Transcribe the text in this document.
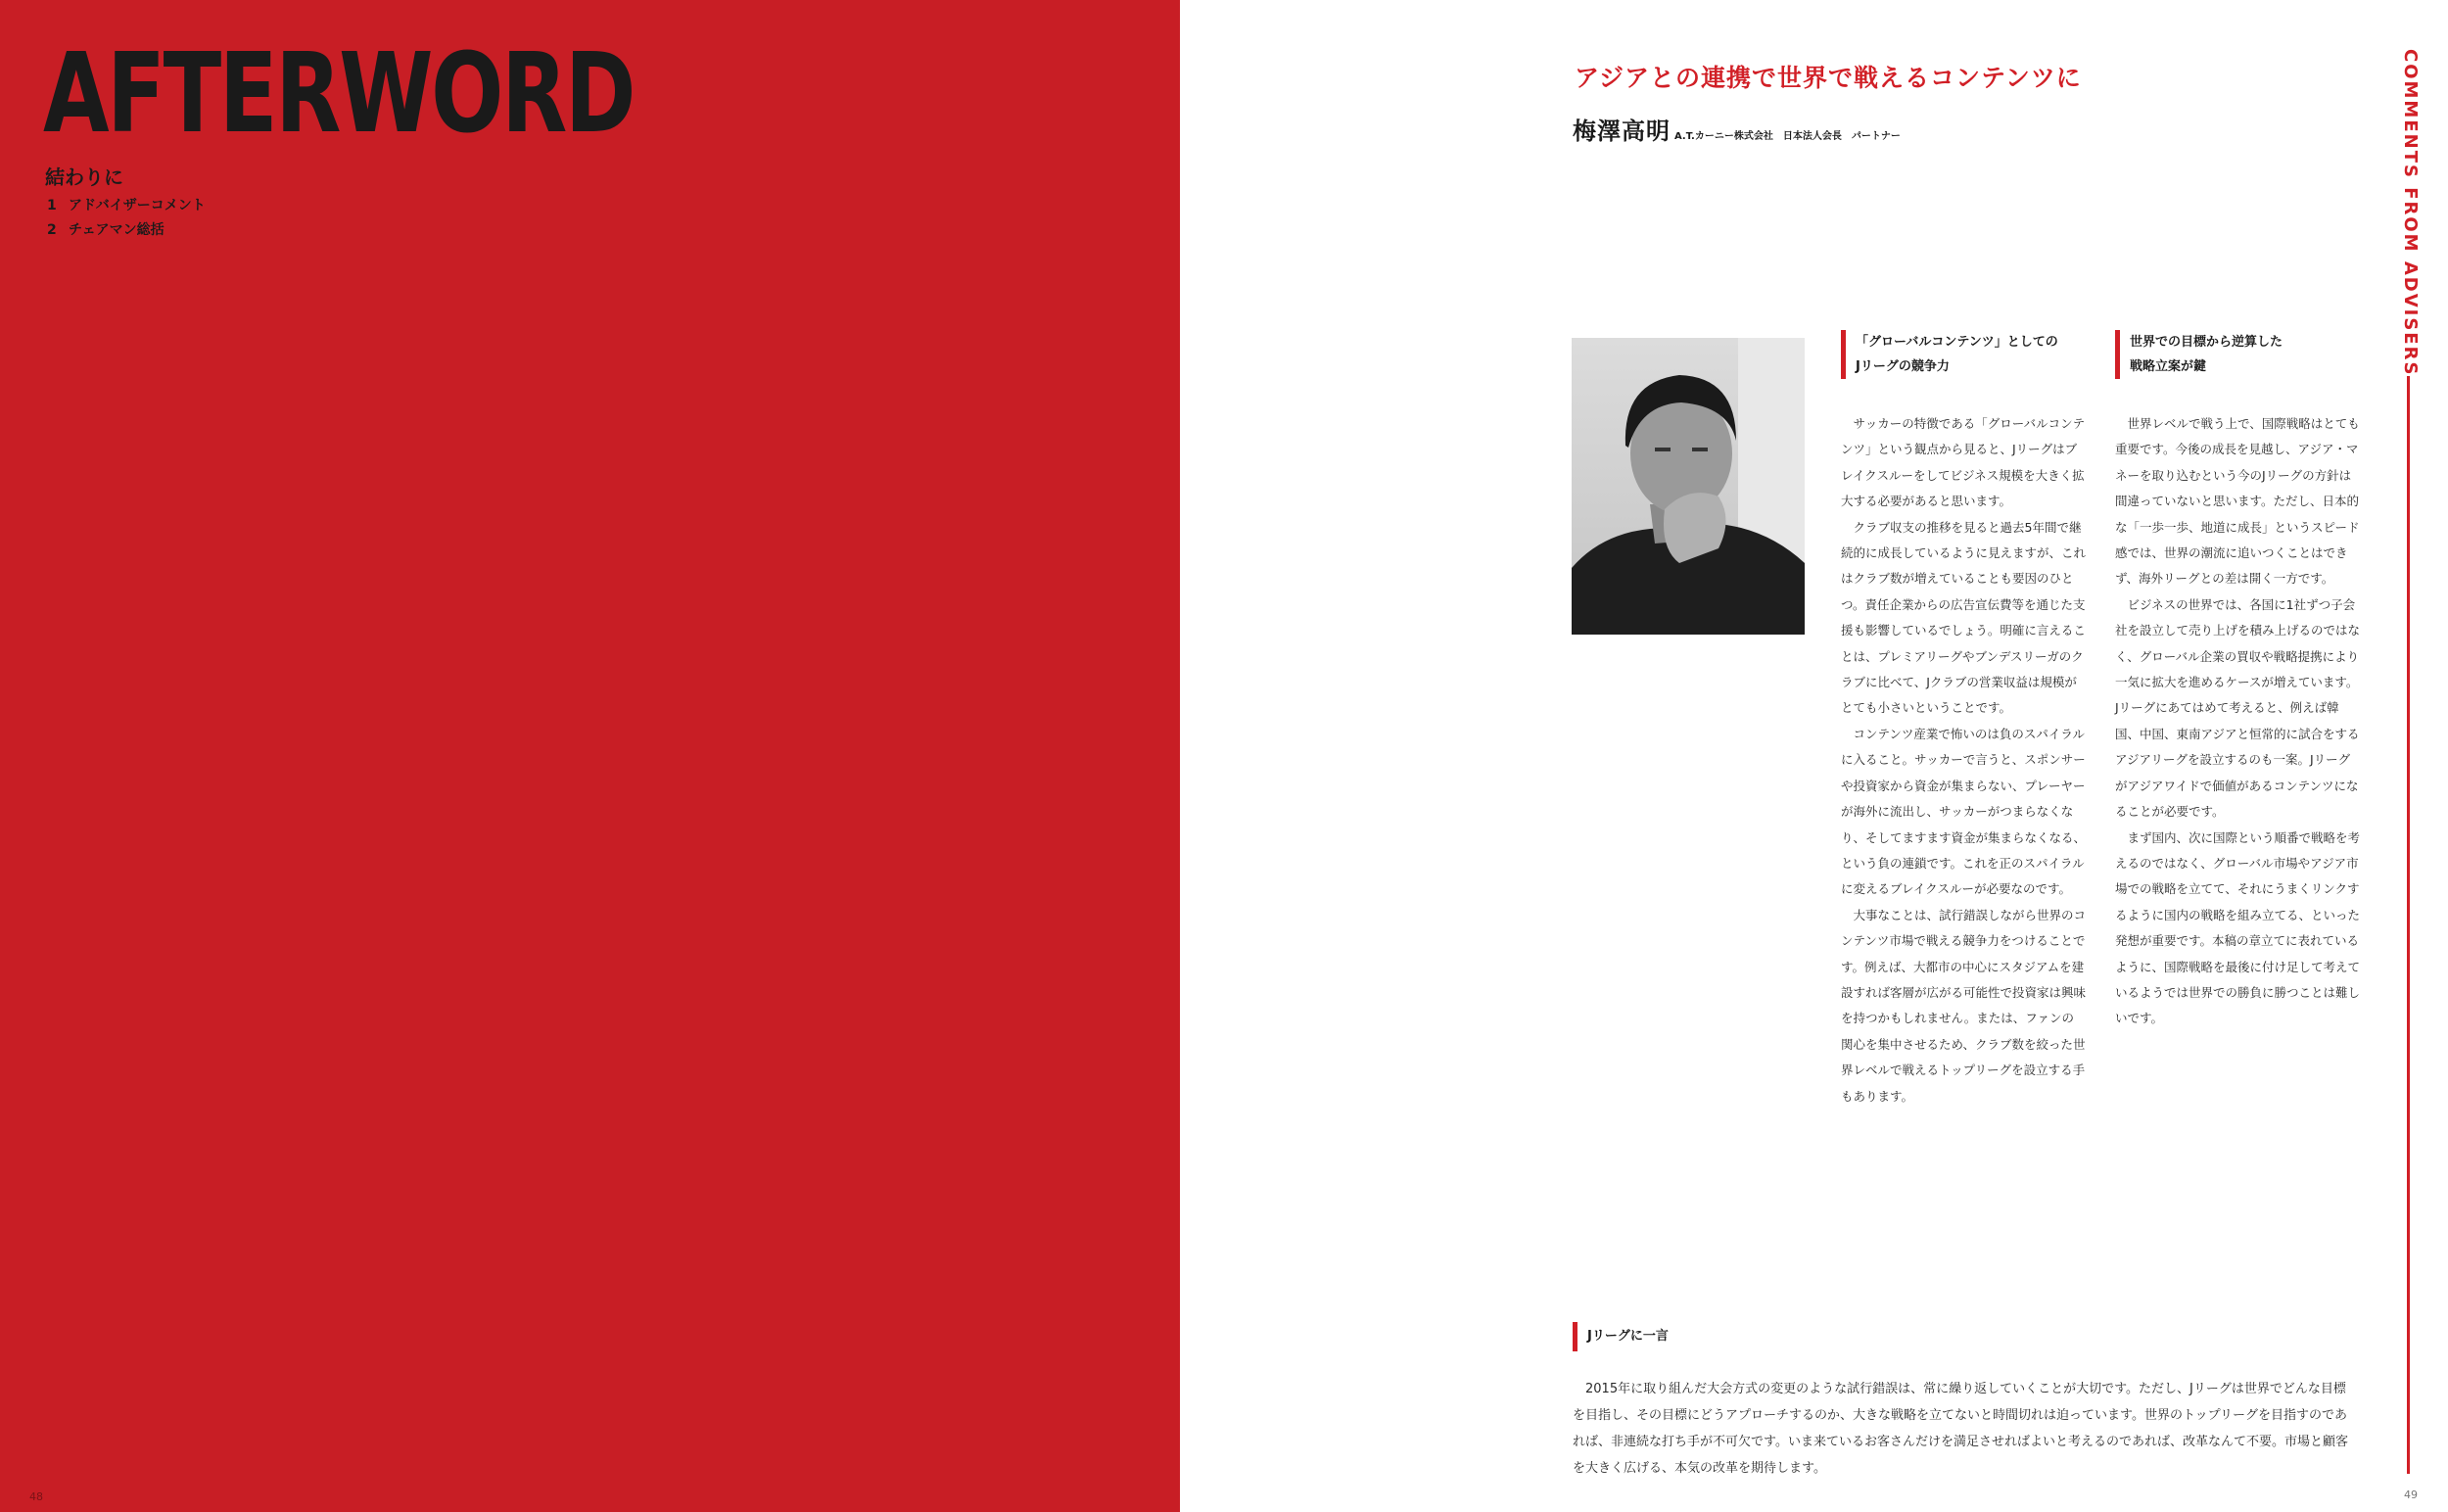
AFTERWORD
結わりに
1 アドバイザーコメント
2 チェアマン総括
48
アジアとの連携で世界で戦えるコンテンツに
梅澤高明 A.T.カーニー株式会社　日本法人会長　パートナー	COMMENTS FROM ADVISERS
「グローバルコンテンツ」としての
Jリーグの競争力

サッカーの特徴である「グローバルコンテンツ」という観点から見ると、Jリーグはブレイクスルーをしてビジネス規模を大きく拡大する必要があると思います。

クラブ収支の推移を見ると過去5年間で継続的に成長しているように見えますが、これはクラブ数が増えていることも要因のひとつ。責任企業からの広告宣伝費等を通じた支援も影響しているでしょう。明確に言えることは、プレミアリーグやブンデスリーガのクラブに比べて、Jクラブの営業収益は規模がとても小さいということです。

コンテンツ産業で怖いのは負のスパイラルに入ること。サッカーで言うと、スポンサーや投資家から資金が集まらない、プレーヤーが海外に流出し、サッカーがつまらなくなり、そしてますます資金が集まらなくなる、という負の連鎖です。これを正のスパイラルに変えるブレイクスルーが必要なのです。

大事なことは、試行錯誤しながら世界のコンテンツ市場で戦える競争力をつけることです。例えば、大都市の中心にスタジアムを建設すれば客層が広がる可能性で投資家は興味を持つかもしれません。または、ファンの関心を集中させるため、クラブ数を絞った世界レベルで戦えるトップリーグを設立する手もあります。

世界での目標から逆算した
戦略立案が鍵

世界レベルで戦う上で、国際戦略はとても重要です。今後の成長を見越し、アジア・マネーを取り込むという今のJリーグの方針は間違っていないと思います。ただし、日本的な「一歩一歩、地道に成長」というスピード感では、世界の潮流に追いつくことはできず、海外リーグとの差は開く一方です。

ビジネスの世界では、各国に1社ずつ子会社を設立して売り上げを積み上げるのではなく、グローバル企業の買収や戦略提携により一気に拡大を進めるケースが増えています。Jリーグにあてはめて考えると、例えば韓国、中国、東南アジアと恒常的に試合をするアジアリーグを設立するのも一案。Jリーグがアジアワイドで価値があるコンテンツになることが必要です。

まず国内、次に国際という順番で戦略を考えるのではなく、グローバル市場やアジア市場での戦略を立てて、それにうまくリンクするように国内の戦略を組み立てる、といった発想が重要です。本稿の章立てに表れているように、国際戦略を最後に付け足して考えているようでは世界での勝負に勝つことは難しいです。

Jリーグに一言

2015年に取り組んだ大会方式の変更のような試行錯誤は、常に繰り返していくことが大切です。ただし、Jリーグは世界でどんな目標を目指し、その目標にどうアプローチするのか、大きな戦略を立てないと時間切れは迫っています。世界のトップリーグを目指すのであれば、非連続な打ち手が不可欠です。いま来ているお客さんだけを満足させればよいと考えるのであれば、改革なんて不要。市場と顧客を大きく広げる、本気の改革を期待します。

49
